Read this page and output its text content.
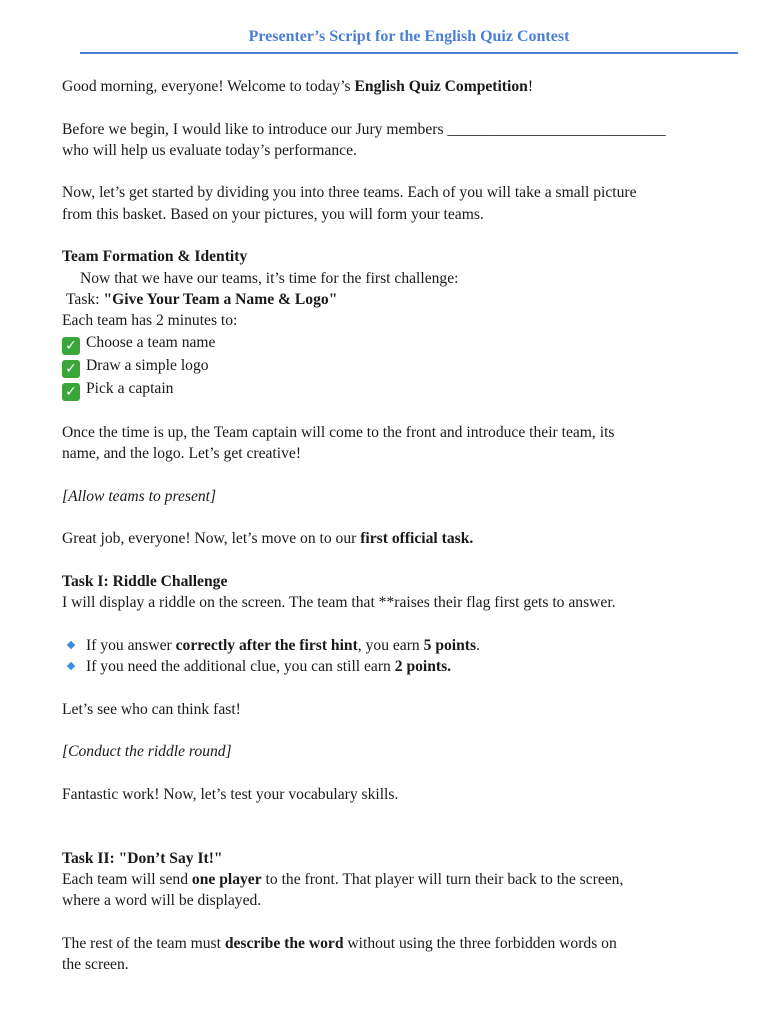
Presenter’s Script for the English Quiz Contest

Good morning, everyone! Welcome to today’s English Quiz Competition!

Before we begin, I would like to introduce our Jury members ____________________________

who will help us evaluate today’s performance.

Now, let’s get started by dividing you into three teams. Each of you will take a small picture

from this basket. Based on your pictures, you will form your teams.

Team Formation & Identity

Now that we have our teams, it’s time for the first challenge:

Task: "Give Your Team a Name & Logo"

Each team has 2 minutes to:

✓ Choose a team name

✓ Draw a simple logo

✓ Pick a captain

Once the time is up, the Team captain will come to the front and introduce their team, its

name, and the logo. Let’s get creative!

[Allow teams to present]

Great job, everyone! Now, let’s move on to our first official task.

Task I: Riddle Challenge

I will display a riddle on the screen. The team that **raises their flag first gets to answer.

If you answer correctly after the first hint, you earn 5 points.

If you need the additional clue, you can still earn 2 points.

Let’s see who can think fast!

[Conduct the riddle round]

Fantastic work! Now, let’s test your vocabulary skills.

Task II: "Don’t Say It!"

Each team will send one player to the front. That player will turn their back to the screen,

where a word will be displayed.

The rest of the team must describe the word without using the three forbidden words on

the screen.
